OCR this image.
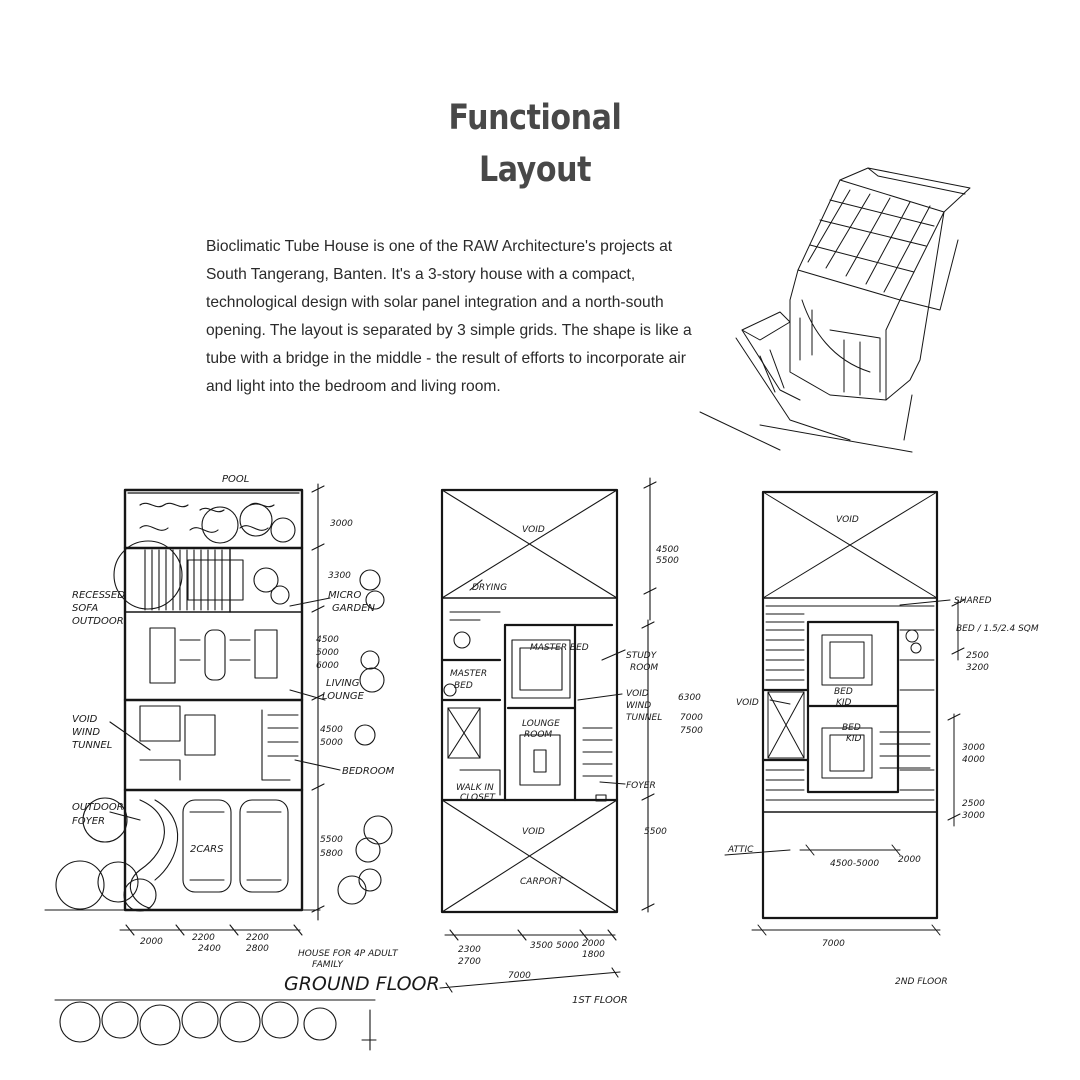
Functional
Layout

Bioclimatic Tube House is one of the RAW Architecture's projects at South Tangerang, Banten. It's a 3-story house with a compact, technological design with solar panel integration and a north-south opening. The layout is separated by 3 simple grids. The shape is like a tube with a bridge in the middle - the result of efforts to incorporate air and light into the bedroom and living room.

POOL
RECESSED
SOFA
OUTDOOR
MICRO
GARDEN
LIVING
LOUNGE
VOID
WIND
TUNNEL
BEDROOM
OUTDOOR
FOYER
2CARS
3000
3300
4500
5000
6000
4500
5000
5500
5800
2000	2200
2400
2200
2800	HOUSE FOR 4P ADULT
FAMILY
GROUND FLOOR
VOID
DRYING
MASTER BED
STUDY
ROOM
MASTER
BED
VOID
WIND
TUNNEL
LOUNGE
ROOM
WALK IN
CLOSET
FOYER
VOID
CARPORT
4500
5500
6300
7000
7500
5500
2300
2700
3500 5000 2000
1800
7000
1ST FLOOR
VOID
SHARED
BED / 1.5/2.4 SQM
VOID
BED
KID
BED
KID
ATTIC
2500
3200
3000
4000
2500
3000
4500-5000 2000
7000
2ND FLOOR
